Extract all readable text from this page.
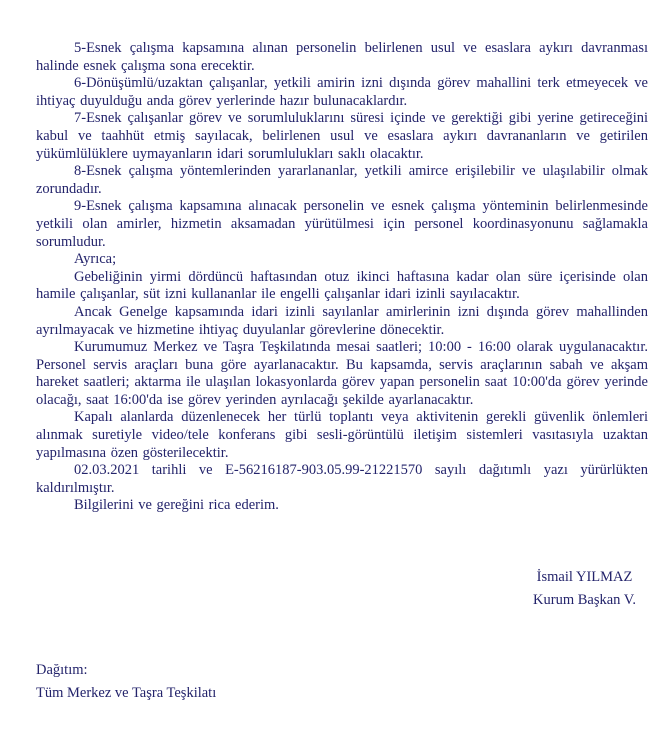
5-Esnek çalışma kapsamına alınan personelin belirlenen usul ve esaslara aykırı davranması halinde esnek çalışma sona erecektir.

6-Dönüşümlü/uzaktan çalışanlar, yetkili amirin izni dışında görev mahallini terk etmeyecek ve ihtiyaç duyulduğu anda görev yerlerinde hazır bulunacaklardır.

7-Esnek çalışanlar görev ve sorumluluklarını süresi içinde ve gerektiği gibi yerine getireceğini kabul ve taahhüt etmiş sayılacak, belirlenen usul ve esaslara aykırı davrananların ve getirilen yükümlülüklere uymayanların idari sorumlulukları saklı olacaktır.

8-Esnek çalışma yöntemlerinden yararlananlar, yetkili amirce erişilebilir ve ulaşılabilir olmak zorundadır.

9-Esnek çalışma kapsamına alınacak personelin ve esnek çalışma yönteminin belirlenmesinde yetkili olan amirler, hizmetin aksamadan yürütülmesi için personel koordinasyonunu sağlamakla sorumludur.

Ayrıca;

Gebeliğinin yirmi dördüncü haftasından otuz ikinci haftasına kadar olan süre içerisinde olan hamile çalışanlar, süt izni kullananlar ile engelli çalışanlar idari izinli sayılacaktır.

Ancak Genelge kapsamında idari izinli sayılanlar amirlerinin izni dışında görev mahallinden ayrılmayacak ve hizmetine ihtiyaç duyulanlar görevlerine dönecektir.

Kurumumuz Merkez ve Taşra Teşkilatında mesai saatleri; 10:00 - 16:00 olarak uygulanacaktır. Personel servis araçları buna göre ayarlanacaktır. Bu kapsamda, servis araçlarının sabah ve akşam hareket saatleri; aktarma ile ulaşılan lokasyonlarda görev yapan personelin saat 10:00'da görev yerinde olacağı, saat 16:00'da ise görev yerinden ayrılacağı şekilde ayarlanacaktır.

Kapalı alanlarda düzenlenecek her türlü toplantı veya aktivitenin gerekli güvenlik önlemleri alınmak suretiyle video/tele konferans gibi sesli-görüntülü iletişim sistemleri vasıtasıyla uzaktan yapılmasına özen gösterilecektir.

02.03.2021 tarihli ve E-56216187-903.05.99-21221570 sayılı dağıtımlı yazı yürürlükten kaldırılmıştır.

Bilgilerini ve gereğini rica ederim.

İsmail YILMAZ
Kurum Başkan V.
Dağıtım:
Tüm Merkez ve Taşra Teşkilatı
